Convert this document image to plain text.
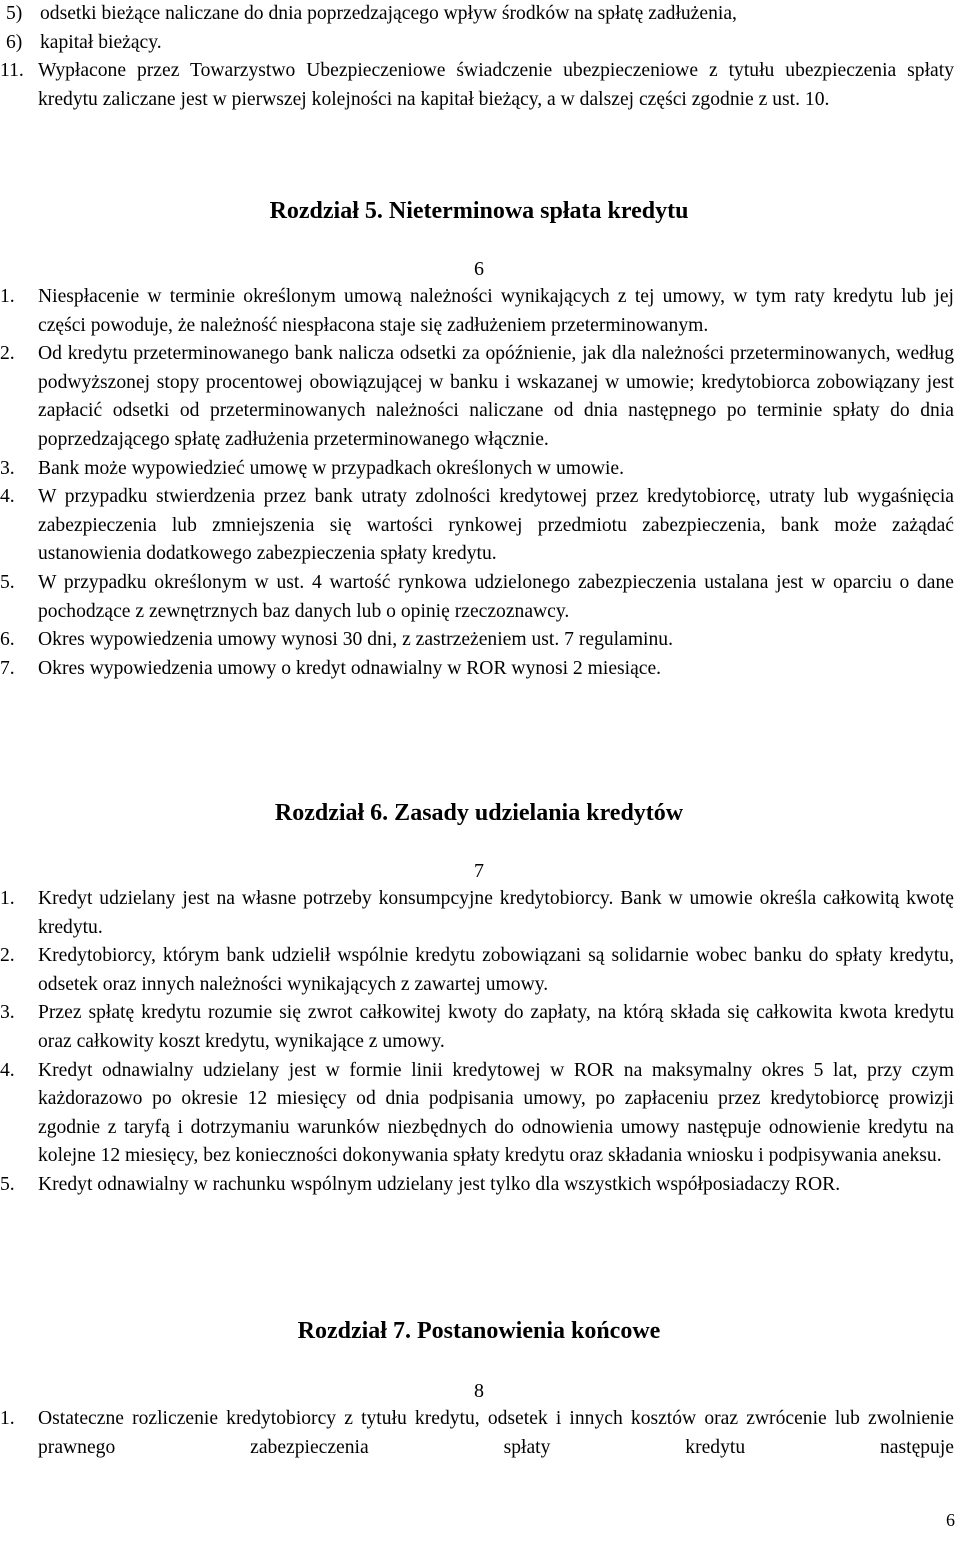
5) odsetki bieżące naliczane do dnia poprzedzającego wpływ środków na spłatę zadłużenia,
6) kapitał bieżący.
11. Wypłacone przez Towarzystwo Ubezpieczeniowe świadczenie ubezpieczeniowe z tytułu ubezpieczenia spłaty kredytu zaliczane jest w pierwszej kolejności na kapitał bieżący, a w dalszej części zgodnie z ust. 10.
Rozdział 5. Nieterminowa spłata kredytu

6

1. Niespłacenie w terminie określonym umową należności wynikających z tej umowy, w tym raty kredytu lub jej części powoduje, że należność niespłacona staje się zadłużeniem przeterminowanym.
2. Od kredytu przeterminowanego bank nalicza odsetki za opóźnienie, jak dla należności przeterminowanych, według podwyższonej stopy procentowej obowiązującej w banku i wskazanej w umowie; kredytobiorca zobowiązany jest zapłacić odsetki od przeterminowanych należności naliczane od dnia następnego po terminie spłaty do dnia poprzedzającego spłatę zadłużenia przeterminowanego włącznie.
3. Bank może wypowiedzieć umowę w przypadkach określonych w umowie.
4. W przypadku stwierdzenia przez bank utraty zdolności kredytowej przez kredytobiorcę, utraty lub wygaśnięcia zabezpieczenia lub zmniejszenia się wartości rynkowej przedmiotu zabezpieczenia, bank może zażądać ustanowienia dodatkowego zabezpieczenia spłaty kredytu.
5. W przypadku określonym w ust. 4 wartość rynkowa udzielonego zabezpieczenia ustalana jest w oparciu o dane pochodzące z zewnętrznych baz danych lub o opinię rzeczoznawcy.
6. Okres wypowiedzenia umowy wynosi 30 dni, z zastrzeżeniem ust. 7 regulaminu.
7. Okres wypowiedzenia umowy o kredyt odnawialny w ROR wynosi 2 miesiące.
Rozdział 6. Zasady udzielania kredytów

7

1. Kredyt udzielany jest na własne potrzeby konsumpcyjne kredytobiorcy. Bank w umowie określa całkowitą kwotę kredytu.
2. Kredytobiorcy, którym bank udzielił wspólnie kredytu zobowiązani są solidarnie wobec banku do spłaty kredytu, odsetek oraz innych należności wynikających z zawartej umowy.
3. Przez spłatę kredytu rozumie się zwrot całkowitej kwoty do zapłaty, na którą składa się całkowita kwota kredytu oraz całkowity koszt kredytu, wynikające z umowy.
4. Kredyt odnawialny udzielany jest w formie linii kredytowej w ROR na maksymalny okres 5 lat, przy czym każdorazowo po okresie 12 miesięcy od dnia podpisania umowy, po zapłaceniu przez kredytobiorcę prowizji zgodnie z taryfą i dotrzymaniu warunków niezbędnych do odnowienia umowy następuje odnowienie kredytu na kolejne 12 miesięcy, bez konieczności dokonywania spłaty kredytu oraz składania wniosku i podpisywania aneksu.
5. Kredyt odnawialny w rachunku wspólnym udzielany jest tylko dla wszystkich współposiadaczy ROR.
Rozdział 7. Postanowienia końcowe

8

1. Ostateczne rozliczenie kredytobiorcy z tytułu kredytu, odsetek i innych kosztów oraz zwrócenie lub zwolnienie prawnego zabezpieczenia spłaty kredytu następuje
6
